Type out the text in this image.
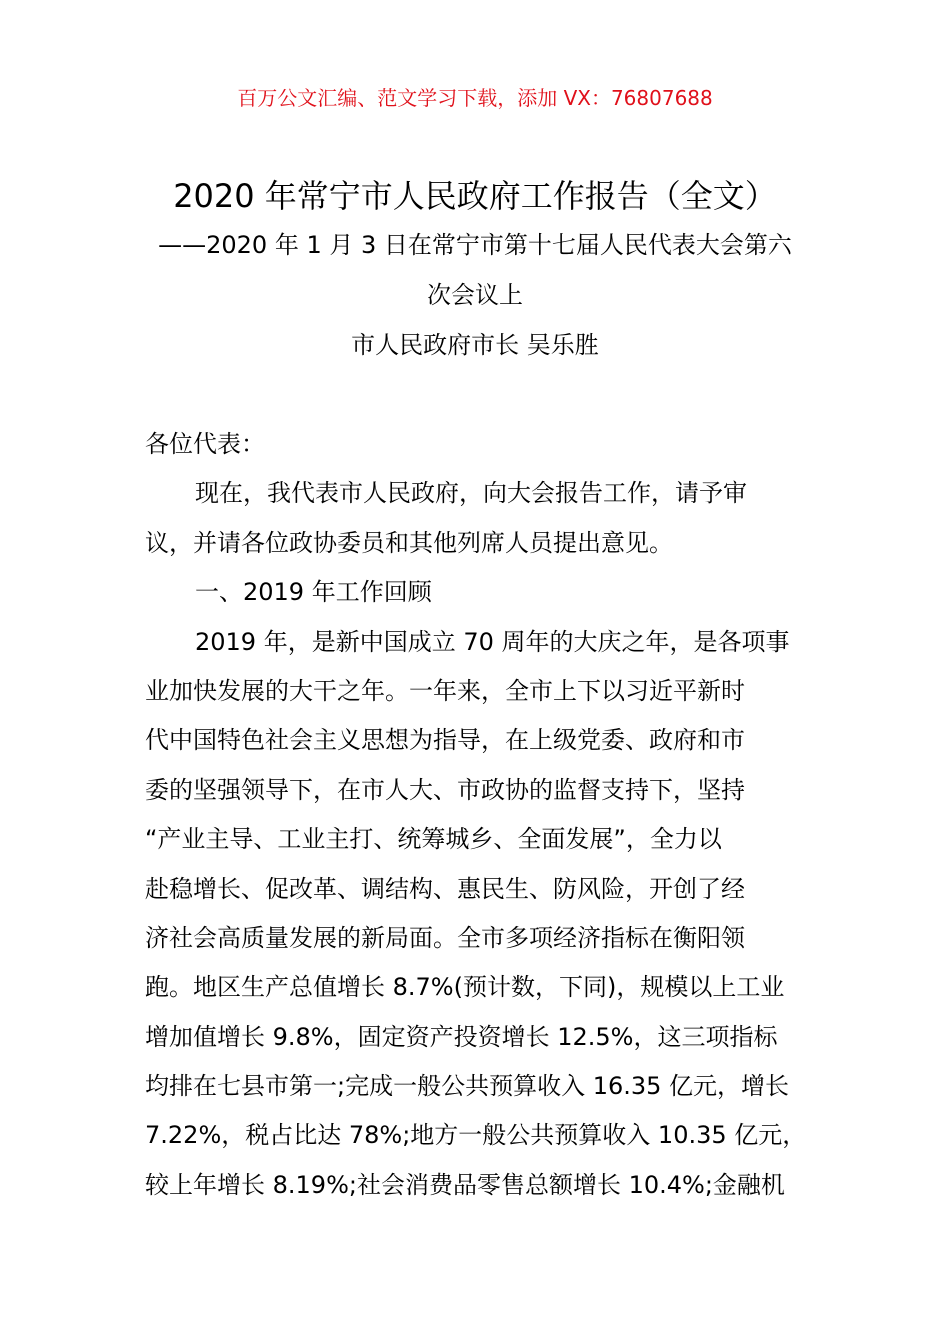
百万公文汇编、范文学习下载，添加 VX：76807688
2020 年常宁市人民政府工作报告（全文）
——2020 年 1 月 3 日在常宁市第十七届人民代表大会第六
次会议上
市人民政府市长 吴乐胜
各位代表：
现在，我代表市人民政府，向大会报告工作，请予审
议，并请各位政协委员和其他列席人员提出意见。
一、2019 年工作回顾
2019 年，是新中国成立 70 周年的大庆之年，是各项事
业加快发展的大干之年。一年来，全市上下以习近平新时
代中国特色社会主义思想为指导，在上级党委、政府和市
委的坚强领导下，在市人大、市政协的监督支持下，坚持
“产业主导、工业主打、统筹城乡、全面发展”，全力以
赴稳增长、促改革、调结构、惠民生、防风险，开创了经
济社会高质量发展的新局面。全市多项经济指标在衡阳领
跑。地区生产总值增长 8.7%(预计数，下同)，规模以上工业
增加值增长 9.8%，固定资产投资增长 12.5%，这三项指标
均排在七县市第一;完成一般公共预算收入 16.35 亿元，增长
7.22%，税占比达 78%;地方一般公共预算收入 10.35 亿元，
较上年增长 8.19%;社会消费品零售总额增长 10.4%;金融机
